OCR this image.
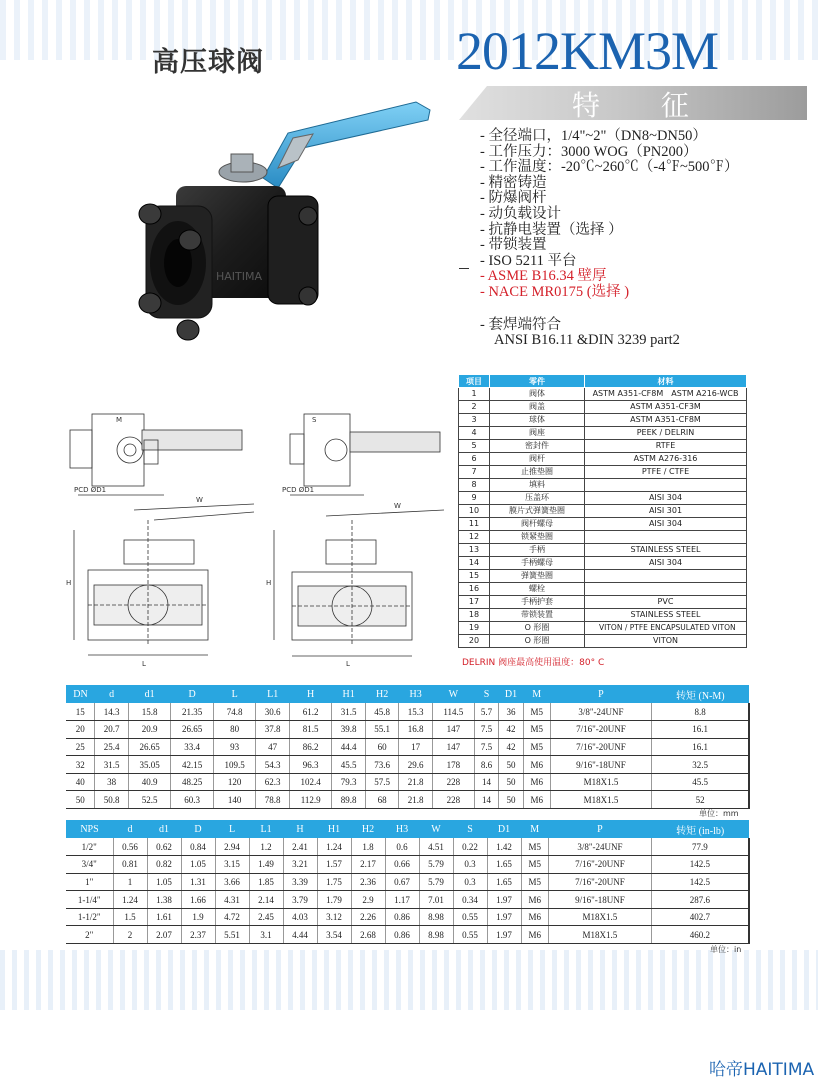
高压球阀	2012KM3M
特 征
- 全径端口，1/4"~2"（DN8~DN50）
- 工作压力：3000 WOG（PN200）
- 工作温度：-20℃~260℃（-4℉~500℉）
- 精密铸造
- 防爆阀杆
- 动负载设计
- 抗静电装置（选择 ）
- 带锁装置
- ISO 5211 平台
- ASME B16.34 壁厚
- NACE MR0175 (选择 )
- 套焊端符合
ANSI B16.11 &DIN 3239 part2
HAITIMA
PCD ØD1	PCD ØD1
W
W
H	H
L	L
M	S
项目	零件	材料
1	阀体	ASTM A351-CF8M ASTM A216-WCB
2	阀盖	ASTM A351-CF3M
3	球体	ASTM A351-CF8M
4	阀座	PEEK / DELRIN
5	密封件	RTFE
6	阀杆	ASTM A276-316
7	止推垫圈	PTFE / CTFE
8	填料	
9	压盖环	AISI 304
10	膜片式弹簧垫圈	AISI 301
11	阀杆螺母	AISI 304
12	锁紧垫圈	
13	手柄	STAINLESS STEEL
14	手柄螺母	AISI 304
15	弹簧垫圈	
16	螺栓	
17	手柄护套	PVC
18	带锁装置	STAINLESS STEEL
19	O 形圈	VITON / PTFE ENCAPSULATED VITON
20	O 形圈	VITON
DELRIN 阀座最高使用温度：80° C
DN	d	d1	D	L	L1	H	H1	H2	H3	W	S	D1	M	P	转矩 (N-M)
15	14.3	15.8	21.35	74.8	30.6	61.2	31.5	45.8	15.3	114.5	5.7	36	M5	3/8"-24UNF	8.8
20	20.7	20.9	26.65	80	37.8	81.5	39.8	55.1	16.8	147	7.5	42	M5	7/16"-20UNF	16.1
25	25.4	26.65	33.4	93	47	86.2	44.4	60	17	147	7.5	42	M5	7/16"-20UNF	16.1
32	31.5	35.05	42.15	109.5	54.3	96.3	45.5	73.6	29.6	178	8.6	50	M6	9/16"-18UNF	32.5
40	38	40.9	48.25	120	62.3	102.4	79.3	57.5	21.8	228	14	50	M6	M18X1.5	45.5
50	50.8	52.5	60.3	140	78.8	112.9	89.8	68	21.8	228	14	50	M6	M18X1.5	52
单位：mm
NPS	d	d1	D	L	L1	H	H1	H2	H3	W	S	D1	M	P	转矩 (in-lb)
1/2"	0.56	0.62	0.84	2.94	1.2	2.41	1.24	1.8	0.6	4.51	0.22	1.42	M5	3/8"-24UNF	77.9
3/4"	0.81	0.82	1.05	3.15	1.49	3.21	1.57	2.17	0.66	5.79	0.3	1.65	M5	7/16"-20UNF	142.5
1"	1	1.05	1.31	3.66	1.85	3.39	1.75	2.36	0.67	5.79	0.3	1.65	M5	7/16"-20UNF	142.5
1-1/4"	1.24	1.38	1.66	4.31	2.14	3.79	1.79	2.9	1.17	7.01	0.34	1.97	M6	9/16"-18UNF	287.6
1-1/2"	1.5	1.61	1.9	4.72	2.45	4.03	3.12	2.26	0.86	8.98	0.55	1.97	M6	M18X1.5	402.7
2"	2	2.07	2.37	5.51	3.1	4.44	3.54	2.68	0.86	8.98	0.55	1.97	M6	M18X1.5	460.2
单位：in
哈帝HAITIMA
